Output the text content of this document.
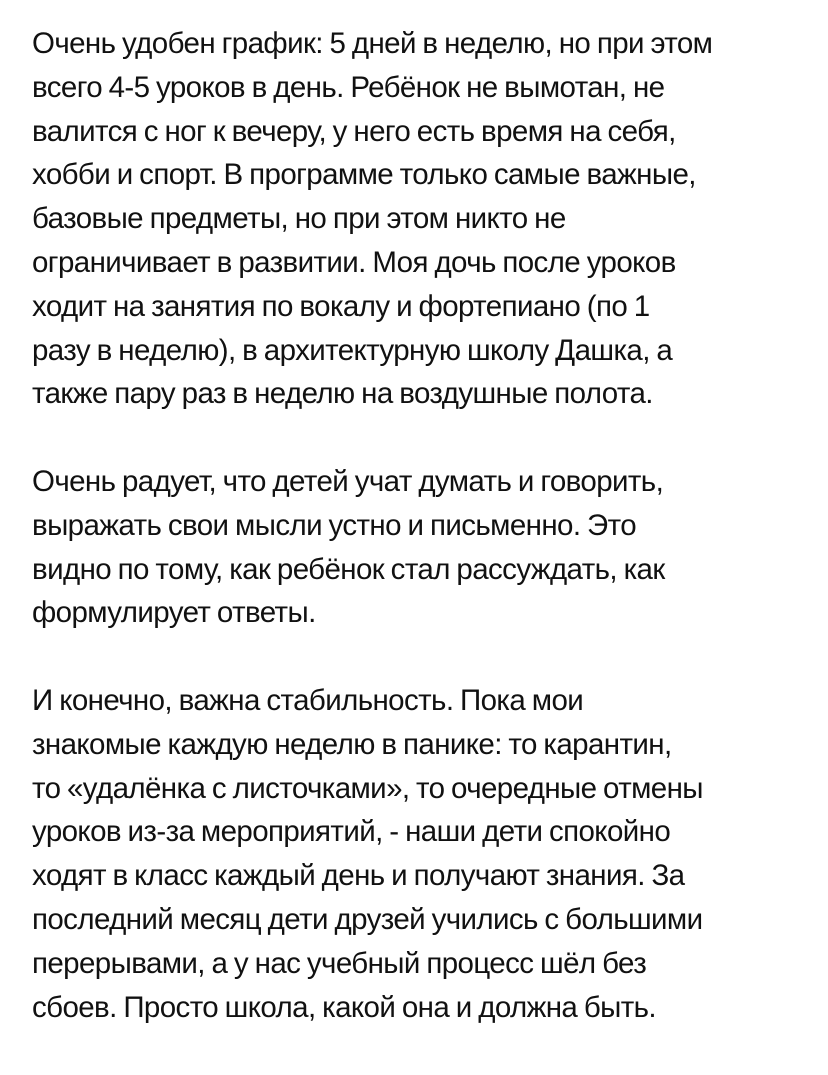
Очень удобен график: 5 дней в неделю, но при этом
всего 4-5 уроков в день. Ребёнок не вымотан, не
валится с ног к вечеру, у него есть время на себя,
хобби и спорт. В программе только самые важные,
базовые предметы, но при этом никто не
ограничивает в развитии. Моя дочь после уроков
ходит на занятия по вокалу и фортепиано (по 1
разу в неделю), в архитектурную школу Дашка, а
также пару раз в неделю на воздушные полота.

Очень радует, что детей учат думать и говорить,
выражать свои мысли устно и письменно. Это
видно по тому, как ребёнок стал рассуждать, как
формулирует ответы.

И конечно, важна стабильность. Пока мои
знакомые каждую неделю в панике: то карантин,
то «удалёнка с листочками», то очередные отмены
уроков из-за мероприятий, - наши дети спокойно
ходят в класс каждый день и получают знания. За
последний месяц дети друзей учились с большими
перерывами, а у нас учебный процесс шёл без
сбоев. Просто школа, какой она и должна быть.
